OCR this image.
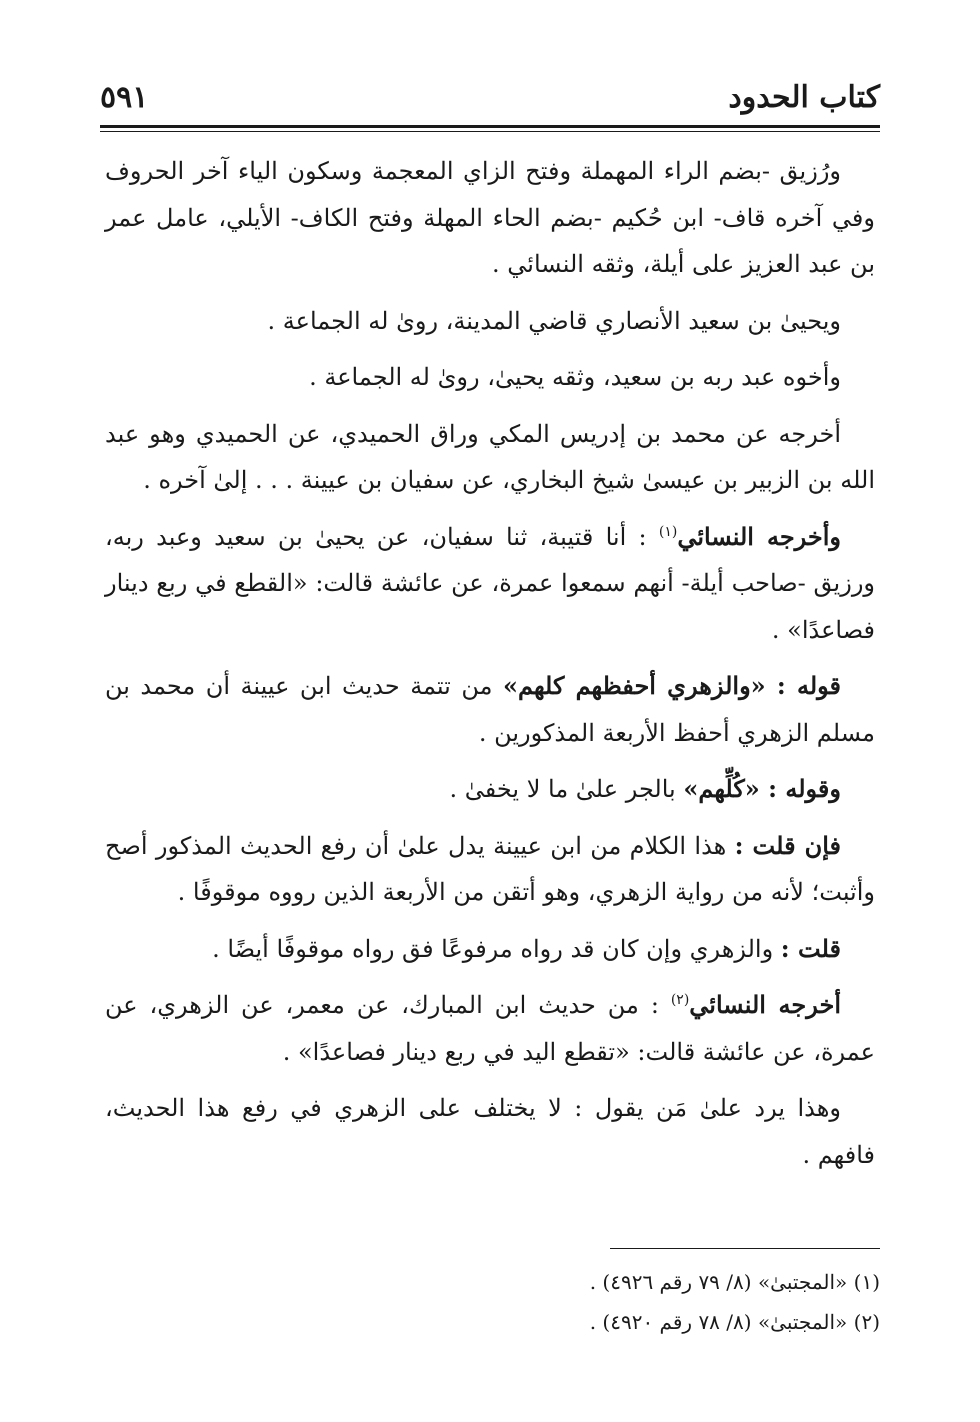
كتاب الحدود
٥٩١

ورُزيق -بضم الراء المهملة وفتح الزاي المعجمة وسكون الياء آخر الحروف وفي آخره قاف- ابن حُكيم -بضم الحاء المهلة وفتح الكاف- الأيلي، عامل عمر بن عبد العزيز على أيلة، وثقه النسائي .

ويحيىٰ بن سعيد الأنصاري قاضي المدينة، روىٰ له الجماعة .

وأخوه عبد ربه بن سعيد، وثقه يحيىٰ، روىٰ له الجماعة .

أخرجه عن محمد بن إدريس المكي وراق الحميدي، عن الحميدي وهو عبد الله بن الزبير بن عيسىٰ شيخ البخاري، عن سفيان بن عيينة . . . إلىٰ آخره .

وأخرجه النسائي$^{(١)}$ : أنا قتيبة، ثنا سفيان، عن يحيىٰ بن سعيد وعبد ربه، ورزيق -صاحب أيلة- أنهم سمعوا عمرة، عن عائشة قالت: «القطع في ربع دينار فصاعدًا» .

قوله : «والزهري أحفظهم كلهم» من تتمة حديث ابن عيينة أن محمد بن مسلم الزهري أحفظ الأربعة المذكورين .

وقوله : «كُلِّهم» بالجر علىٰ ما لا يخفىٰ .

فإن قلت : هذا الكلام من ابن عيينة يدل علىٰ أن رفع الحديث المذكور أصح وأثبت؛ لأنه من رواية الزهري، وهو أتقن من الأربعة الذين رووه موقوفًا .

قلت : والزهري وإن كان قد رواه مرفوعًا فق رواه موقوفًا أيضًا .

أخرجه النسائي$^{(٢)}$ : من حديث ابن المبارك، عن معمر، عن الزهري، عن عمرة، عن عائشة قالت: «تقطع اليد في ربع دينار فصاعدًا» .

وهذا يرد علىٰ مَن يقول : لا يختلف على الزهري في رفع هذا الحديث، فافهم .

(١) «المجتبىٰ» (٨/ ٧٩ رقم ٤٩٢٦) .
(٢) «المجتبىٰ» (٨/ ٧٨ رقم ٤٩٢٠) .
